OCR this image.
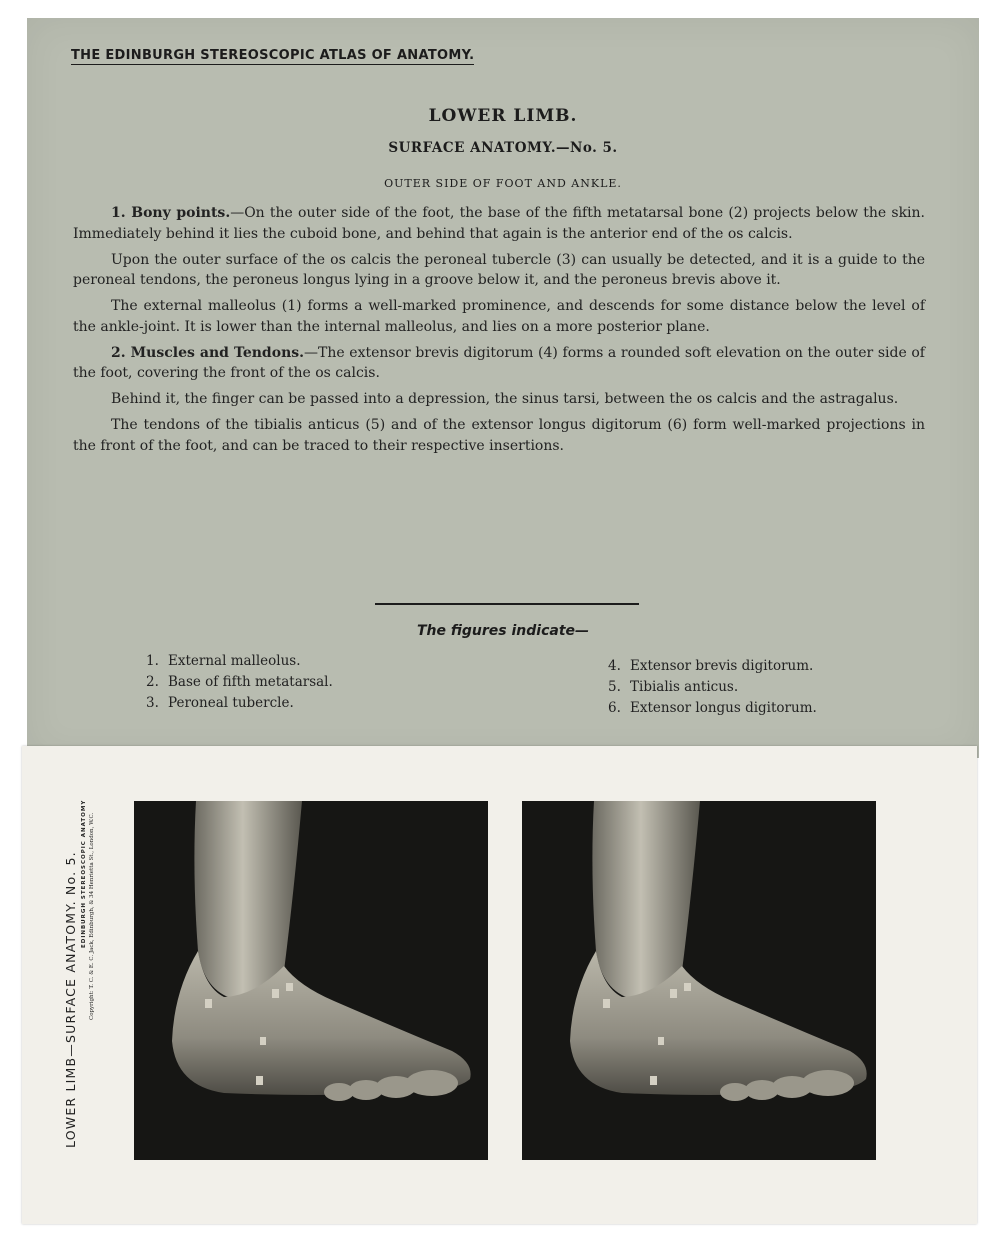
THE EDINBURGH STEREOSCOPIC ATLAS OF ANATOMY.
LOWER LIMB.
SURFACE ANATOMY.—No. 5.
OUTER SIDE OF FOOT AND ANKLE.

1. Bony points.—On the outer side of the foot, the base of the fifth metatarsal bone (2) projects below the skin. Immediately behind it lies the cuboid bone, and behind that again is the anterior end of the os calcis.

Upon the outer surface of the os calcis the peroneal tubercle (3) can usually be detected, and it is a guide to the peroneal tendons, the peroneus longus lying in a groove below it, and the peroneus brevis above it.

The external malleolus (1) forms a well-marked prominence, and descends for some distance below the level of the ankle-joint. It is lower than the internal malleolus, and lies on a more posterior plane.

2. Muscles and Tendons.—The extensor brevis digitorum (4) forms a rounded soft elevation on the outer side of the foot, covering the front of the os calcis.

Behind it, the finger can be passed into a depression, the sinus tarsi, between the os calcis and the astragalus.

The tendons of the tibialis anticus (5) and of the extensor longus digitorum (6) form well-marked projections in the front of the foot, and can be traced to their respective insertions.

The figures indicate—
1. External malleolus.
2. Base of fifth metatarsal.
3. Peroneal tubercle.
4. Extensor brevis digitorum.
5. Tibialis anticus.
6. Extensor longus digitorum.
LOWER LIMB—SURFACE ANATOMY. No. 5. EDINBURGH STEREOSCOPIC ANATOMY Copyright: T. C. & E. C. Jack, Edinburgh, & 34 Henrietta St., London, W.C.
